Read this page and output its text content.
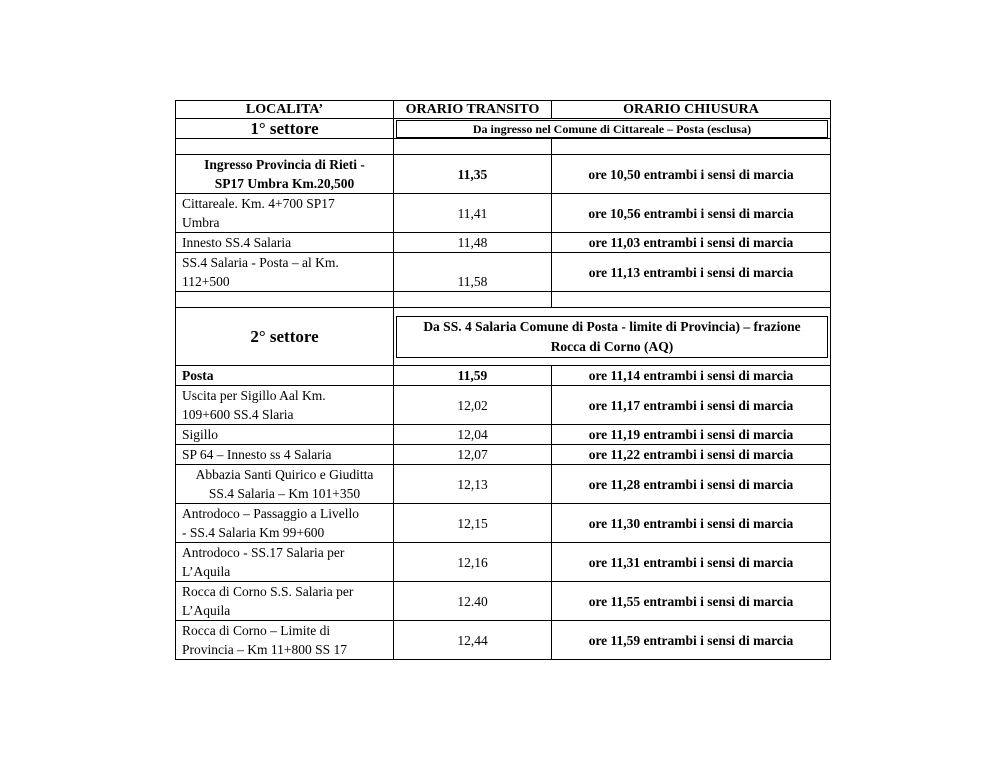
LOCALITA’	ORARIO TRANSITO	ORARIO CHIUSURA
1° settore	Da ingresso nel Comune di Cittareale – Posta (esclusa)	

Ingresso Provincia di Rieti -
SP17 Umbra Km.20,500	11,35	ore 10,50 entrambi i sensi di marcia
Cittareale. Km. 4+700 SP17
Umbra	11,41	ore 10,56 entrambi i sensi di marcia
Innesto SS.4 Salaria	11,48	ore 11,03 entrambi i sensi di marcia
SS.4 Salaria - Posta – al Km.
112+500	11,58	ore 11,13 entrambi i sensi di marcia

2° settore	Da SS. 4 Salaria Comune di Posta - limite di Provincia) – frazione
Rocca di Corno (AQ)	

Posta	11,59	ore 11,14 entrambi i sensi di marcia
Uscita per Sigillo Aal Km.
109+600 SS.4 Slaria	12,02	ore 11,17 entrambi i sensi di marcia
Sigillo	12,04	ore 11,19 entrambi i sensi di marcia
SP 64 – Innesto ss 4 Salaria	12,07	ore 11,22 entrambi i sensi di marcia
Abbazia Santi Quirico e Giuditta
SS.4 Salaria – Km 101+350	12,13	ore 11,28 entrambi i sensi di marcia
Antrodoco – Passaggio a Livello
- SS.4 Salaria Km 99+600	12,15	ore 11,30 entrambi i sensi di marcia
Antrodoco - SS.17 Salaria per
L’Aquila	12,16	ore 11,31 entrambi i sensi di marcia
Rocca di Corno S.S. Salaria per
L’Aquila	12.40	ore 11,55 entrambi i sensi di marcia
Rocca di Corno – Limite di
Provincia – Km 11+800 SS 17	12,44	ore 11,59 entrambi i sensi di marcia
